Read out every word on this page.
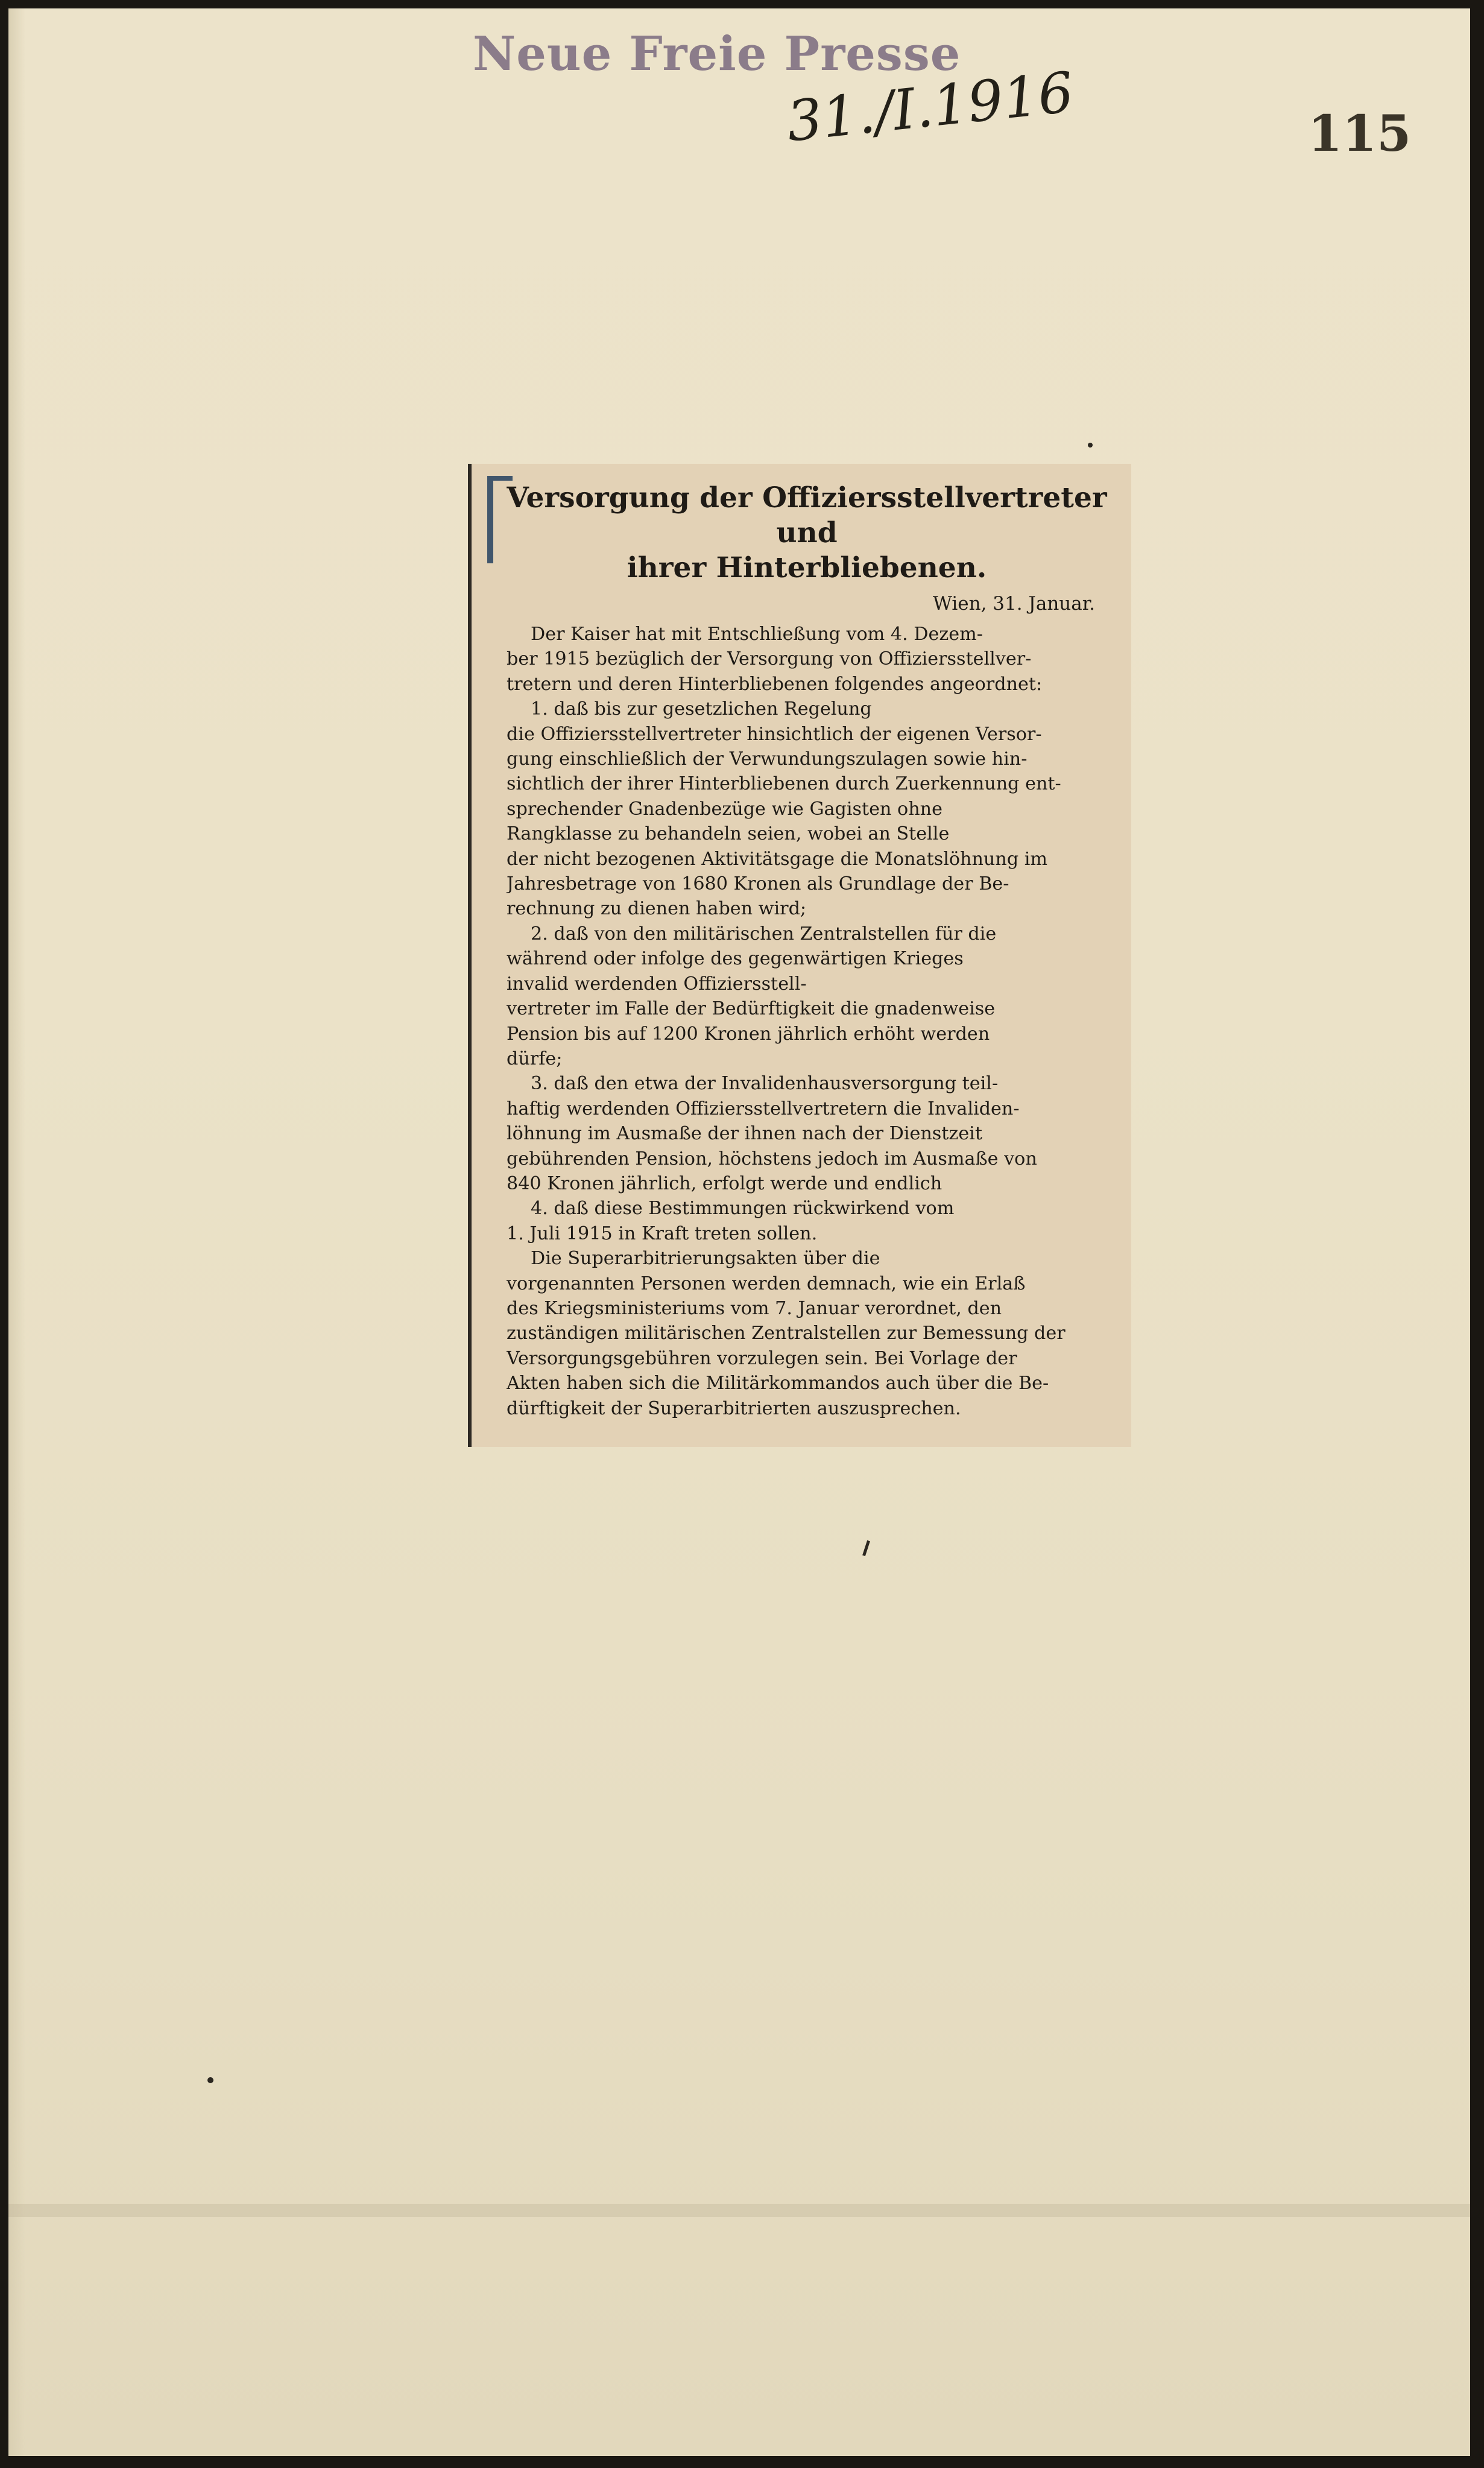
Neue Freie Presse
31./I.1916	115

Versorgung der Offiziersstellvertreter und
ihrer Hinterbliebenen.

Wien, 31. Januar.
Der Kaiser hat mit Entschließung vom 4. Dezem-
ber 1915 bezüglich der Versorgung von Offiziersstellver-
tretern und deren Hinterbliebenen folgendes angeordnet:
1. daß bis zur gesetzlichen Regelung
die Offiziersstellvertreter hinsichtlich der eigenen Versor-
gung einschließlich der Verwundungszulagen sowie hin-
sichtlich der ihrer Hinterbliebenen durch Zuerkennung ent-
sprechender Gnadenbezüge wie Gagisten ohne
Rangklasse zu behandeln seien, wobei an Stelle
der nicht bezogenen Aktivitätsgage die Monatslöhnung im
Jahresbetrage von 1680 Kronen als Grundlage der Be-
rechnung zu dienen haben wird;
2. daß von den militärischen Zentralstellen für die
während oder infolge des gegenwärtigen Krieges
invalid werdenden Offiziersstell-
vertreter im Falle der Bedürftigkeit die gnadenweise
Pension bis auf 1200 Kronen jährlich erhöht werden
dürfe;
3. daß den etwa der Invalidenhausversorgung teil-
haftig werdenden Offiziersstellvertretern die Invaliden-
löhnung im Ausmaße der ihnen nach der Dienstzeit
gebührenden Pension, höchstens jedoch im Ausmaße von
840 Kronen jährlich, erfolgt werde und endlich
4. daß diese Bestimmungen rückwirkend vom
1. Juli 1915 in Kraft treten sollen.
Die Superarbitrierungsakten über die
vorgenannten Personen werden demnach, wie ein Erlaß
des Kriegsministeriums vom 7. Januar verordnet, den
zuständigen militärischen Zentralstellen zur Bemessung der
Versorgungsgebühren vorzulegen sein. Bei Vorlage der
Akten haben sich die Militärkommandos auch über die Be-
dürftigkeit der Superarbitrierten auszusprechen.
